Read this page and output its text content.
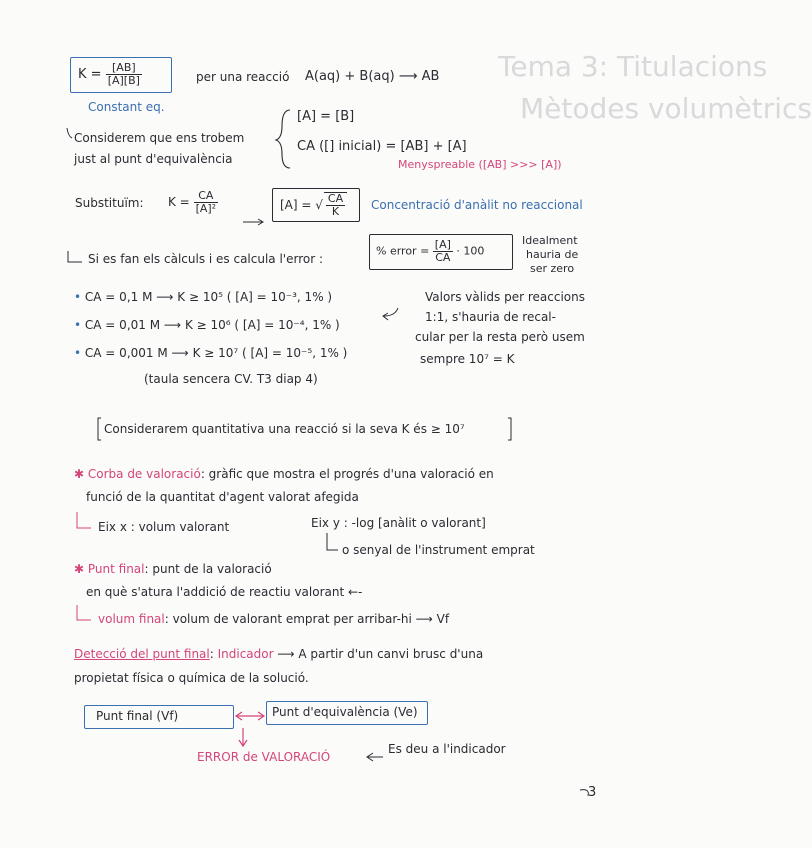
Tema 3: Titulacions
Mètodes volumètrics
$K = \frac{[AB]}{[A][B]}$	per una reacció A(aq) + B(aq) ⟶ AB
Constant eq.
Considerem que ens trobem
just al punt d'equivalència
[A] = [B]
CA ([] inicial) = [AB] + [A]
Menyspreable ([AB] >>> [A])
Substituïm: $K = \frac{CA}{\text{[A]²}}$	[A] = √ $\frac{CA}{K}$ Concentració d'anàlit no reaccional
Si es fan els càlculs i es calcula l'error :
% error = $\frac{[A]}{CA} \cdot 100$
Idealment
hauria de
ser zero
• CA = 0,1 M ⟶ K ≥ 10⁵ ( [A] = 10⁻³, 1% )
• CA = 0,01 M ⟶ K ≥ 10⁶ ( [A] = 10⁻⁴, 1% )
• CA = 0,001 M ⟶ K ≥ 10⁷ ( [A] = 10⁻⁵, 1% )
Valors vàlids per reaccions
1:1, s'hauria de recal-
cular per la resta però usem
sempre 10⁷ = K
(taula sencera CV. T3 diap 4)
Considerarem quantitativa una reacció si la seva K és ≥ 10⁷
✱ Corba de valoració: gràfic que mostra el progrés d'una valoració en
funció de la quantitat d'agent valorat afegida
Eix x : volum valorant	Eix y : -log [anàlit o valorant]
o senyal de l'instrument emprat
✱ Punt final: punt de la valoració
en què s'atura l'addició de reactiu valorant ←-
volum final: volum de valorant emprat per arribar-hi ⟶ Vf
Detecció del punt final: Indicador ⟶ A partir d'un canvi brusc d'una
propietat física o química de la solució.
Punt final (Vf)	Punt d'equivalència (Ve)
ERROR de VALORACIÓ
Es deu a l'indicador
3
